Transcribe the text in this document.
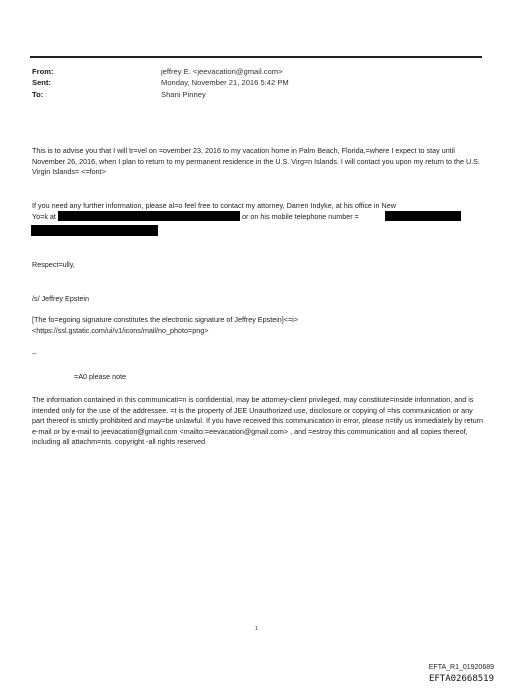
From:	jeffrey E. <jeevacation@gmail.com>
Sent:	Monday, November 21, 2016 5:42 PM
To:	Shani Pinney
This is to advise you that I will tr=vel on =ovember 23, 2016 to my vacation home in Palm Beach, Florida,=where I expect to stay until November 26, 2016, when I plan to return to my permanent residence in the U.S. Virg=n Islands. I will contact you upon my return to the U.S. Virgin Islands= <=font>
If you need any further information, please al=o feel free to contact my attorney, Darren Indyke, at his office in New
Yo=k at	or on his mobile telephone number =
Respect=ully,
/s/ Jeffrey Epstein
[The fo=egoing signature constitutes the electronic signature of Jeffrey Epstein]<=i>
<https://ssl.gstatic.com/ui/v1/icons/mail/no_photo=png>
--
=A0 please note
The information contained in this communicati=n is confidential, may be attorney-client privileged, may constitute=inside information, and is intended only for the use of the addressee. =t is the property of JEE Unauthorized use, disclosure or copying of =his communication or any part thereof is strictly prohibited and may=be unlawful. If you have received this communication in error, please n=tify us immediately by return e-mail or by e-mail to jeevacation@gmail.com <mailto:=eevacation@gmail.com> , and =estroy this communication and all copies thereof, including all attachm=nts. copyright -all rights reserved
1
EFTA_R1_01920689
EFTA02668519
